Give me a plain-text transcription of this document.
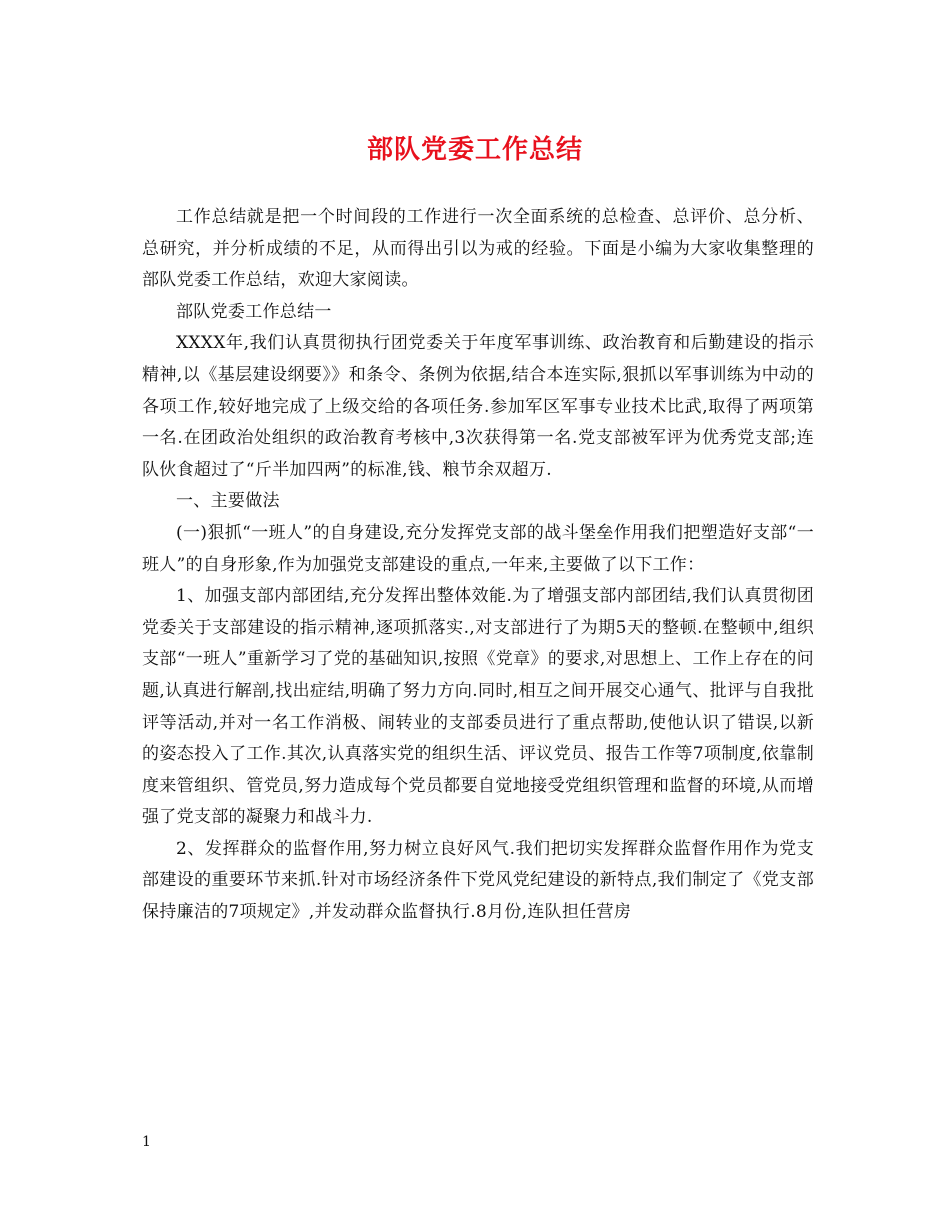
部队党委工作总结

工作总结就是把一个时间段的工作进行一次全面系统的总检查、总评价、总分析、总研究，并分析成绩的不足，从而得出引以为戒的经验。下面是小编为大家收集整理的部队党委工作总结，欢迎大家阅读。

部队党委工作总结一

XXXX年,我们认真贯彻执行团党委关于年度军事训练、政治教育和后勤建设的指示精神,以《基层建设纲要》》和条令、条例为依据,结合本连实际,狠抓以军事训练为中动的各项工作,较好地完成了上级交给的各项任务.参加军区军事专业技术比武,取得了两项第一名.在团政治处组织的政治教育考核中,3次获得第一名.党支部被军评为优秀党支部;连队伙食超过了“斤半加四两”的标准,钱、粮节余双超万.

一、主要做法

(一)狠抓“一班人”的自身建设,充分发挥党支部的战斗堡垒作用我们把塑造好支部“一班人”的自身形象,作为加强党支部建设的重点,一年来,主要做了以下工作：

1、加强支部内部团结,充分发挥出整体效能.为了增强支部内部团结,我们认真贯彻团党委关于支部建设的指示精神,逐项抓落实.,对支部进行了为期5天的整顿.在整顿中,组织支部“一班人”重新学习了党的基础知识,按照《党章》的要求,对思想上、工作上存在的问题,认真进行解剖,找出症结,明确了努力方向.同时,相互之间开展交心通气、批评与自我批评等活动,并对一名工作消极、闹转业的支部委员进行了重点帮助,使他认识了错误,以新的姿态投入了工作.其次,认真落实党的组织生活、评议党员、报告工作等7项制度,依靠制度来管组织、管党员,努力造成每个党员都要自觉地接受党组织管理和监督的环境,从而增强了党支部的凝聚力和战斗力.

2、发挥群众的监督作用,努力树立良好风气.我们把切实发挥群众监督作用作为党支部建设的重要环节来抓.针对市场经济条件下党风党纪建设的新特点,我们制定了《党支部保持廉洁的7项规定》,并发动群众监督执行.8月份,连队担任营房

1
